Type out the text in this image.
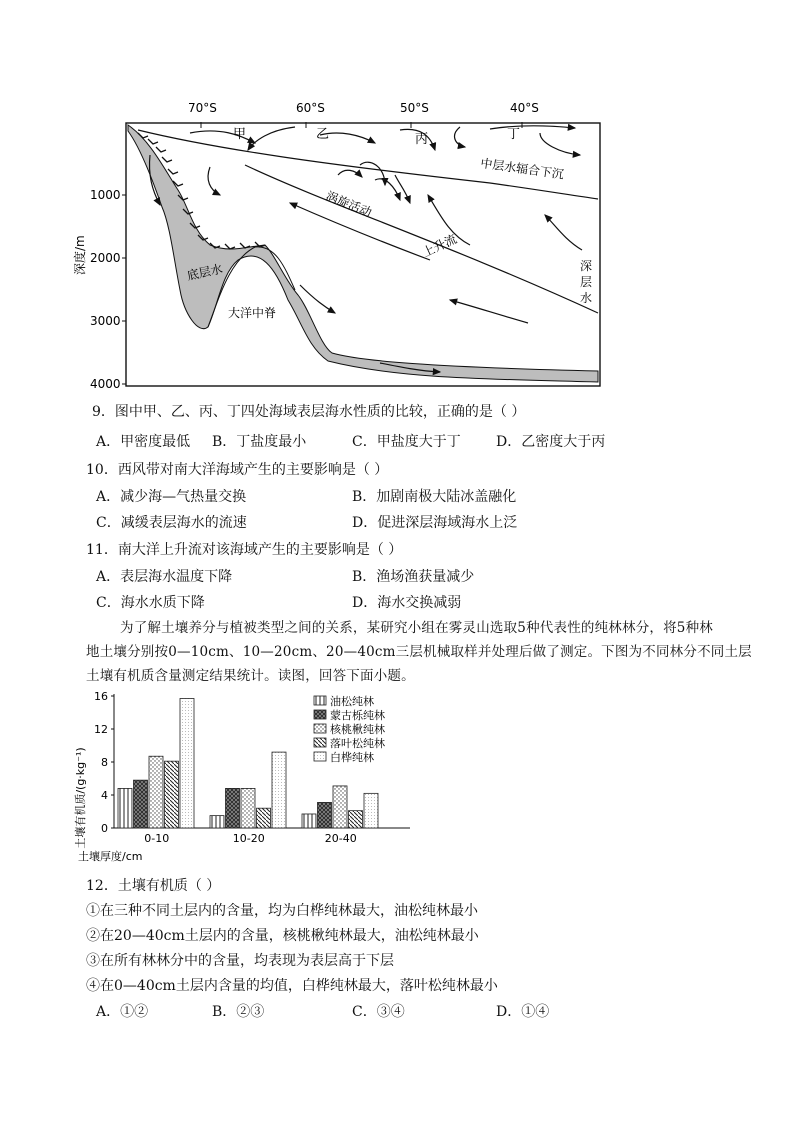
70°S	60°S	50°S	40°S
1000
2000
3000
4000
深度/m
甲	乙	丙	丁
中层水辐合下沉
涡旋活动
上升流
深
层
水
底层水
大洋中脊
9．图中甲、乙、丙、丁四处海域表层海水性质的比较，正确的是（ ）
A．甲密度最低 B．丁盐度最小	C．甲盐度大于丁	D．乙密度大于丙
10．西风带对南大洋海域产生的主要影响是（ ）
A．减少海—气热量交换	B．加剧南极大陆冰盖融化
C．减缓表层海水的流速	D．促进深层海域海水上泛
11．南大洋上升流对该海域产生的主要影响是（ ）
A．表层海水温度下降	B．渔场渔获量减少
C．海水水质下降	D．海水交换减弱
为了解土壤养分与植被类型之间的关系，某研究小组在雾灵山选取5种代表性的纯林林分，将5种林
地土壤分别按0—10cm、10—20cm、20—40cm三层机械取样并处理后做了测定。下图为不同林分不同土层
土壤有机质含量测定结果统计。读图，回答下面小题。
0
4
8
12
16
0-10	10-20	20-40
油松纯林
蒙古栎纯林
核桃楸纯林
落叶松纯林
白桦纯林
土壤有机质/(g·kg⁻¹)
土壤厚度/cm
12．土壤有机质（ ）
①在三种不同土层内的含量，均为白桦纯林最大，油松纯林最小
②在20—40cm土层内的含量，核桃楸纯林最大，油松纯林最小
③在所有林林分中的含量，均表现为表层高于下层
④在0—40cm土层内含量的均值，白桦纯林最大，落叶松纯林最小
A．①②	B．②③	C．③④	D．①④
